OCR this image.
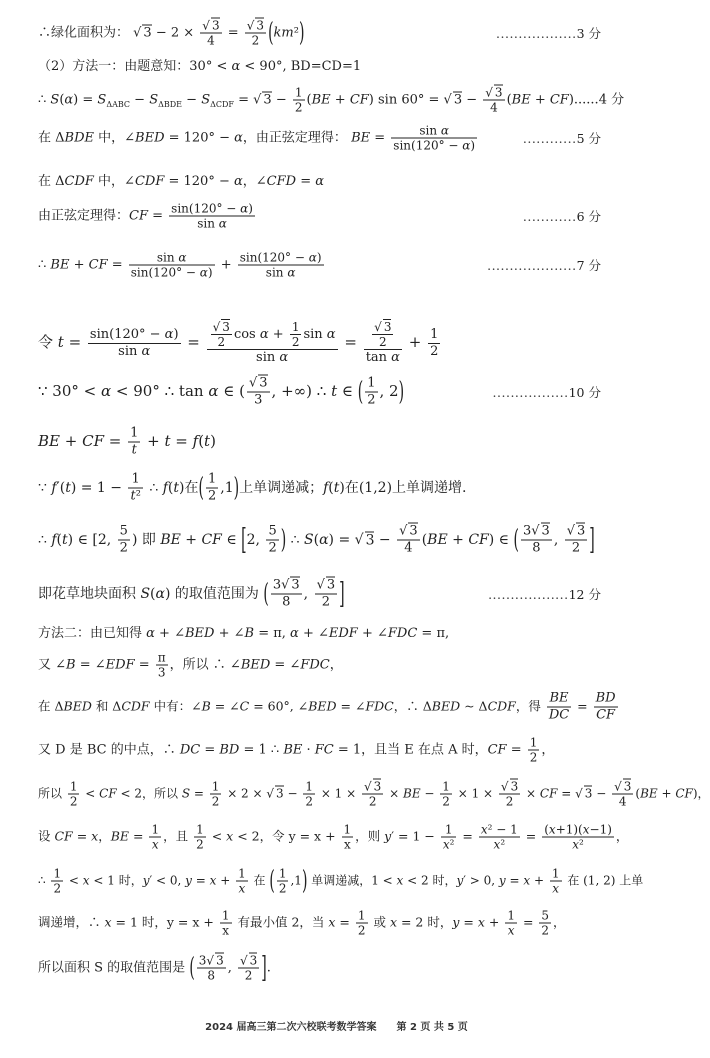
∴绿化面积为： √ $3 - 2 \times \frac{√ 3}{4} = \frac{√ 3}{2} (km^2)$	..................3 分
（2）方法一：由题意知：30° < α < 90°, BD=CD=1
∴ $S(\alpha) = S_{\Delta ABC} - S_{\Delta BDE} - S_{\Delta CDF}$ = √ $3 - \frac{1}{2} (BE + CF)$ sin 60° = √ $3 - \frac{√ 3}{4} (BE + CF)......4$ 分
在 ΔBDE 中，∠BED = 120° − α，由正弦定理得： BE = $\frac{\text{sin α}}{\sin(120^\circ - \alpha)}$	............5 分
在 ΔCDF 中，∠CDF = 120° − α，∠CFD = α
由正弦定理得：CF = $\frac{\sin(120^\circ - \alpha)}{\text{sin α}}$	............6 分
∴ BE + CF = $\frac{\text{sin α}}{\sin(120^\circ - \alpha)} + \frac{\sin(120^\circ - \alpha)}{\text{sin α}}$	....................7 分
令 $t = \frac{\sin(120^\circ - \alpha)}{\text{sin α}} = \frac{\frac{√ 3}{2} \cos \alpha + \frac{1}{2} \sin \alpha}{\text{sin α}} = \frac{\frac{√ 3}{2}}{\text{tan α}} + \frac{1}{2}$
∵ 30° < α < 90° ∴ tan α ∈ ( $\frac{√ 3}{3}$ , +∞) ∴ t ∈ ( $\frac{1}{2}$ , 2)	.................10 分
BE + CF = $\frac{1}{t} + t = f(t)$
∵ $f'(t) = 1 - \frac{1}{\text{t²}}$ ∴ f(t)在( $\frac{1}{2} ,1$)上单调递减；f(t)在(1,2)上单调递增.
∴ f(t) ∈ [2, $\frac{5}{2}$ ) 即 BE + CF ∈ [2, $\frac{5}{2}$ ) ∴ S(α) = √ $3 - \frac{√ 3}{4} (BE + CF)$ ∈ ( $\frac{3√ 3}{8}$ , $\frac{√ 3}{2}$ ]
即花草地块面积 S(α) 的取值范围为 ( $\frac{3√ 3}{8}$ , $\frac{√ 3}{2}$ ]	..................12 分
方法二：由已知得 α + ∠BED + ∠B = π, α + ∠EDF + ∠FDC = π,
又 ∠B = ∠EDF = $\frac{\pi}{3}$ ，所以 ∴ ∠BED = ∠FDC，
在 ΔBED 和 ΔCDF 中有：∠B = ∠C = 60°, ∠BED = ∠FDC，∴ ΔBED ∼ ΔCDF，得 $\frac{BE}{DC} = \frac{BD}{CF}$
又 D 是 BC 的中点，∴ DC = BD = 1 ∴ BE · FC = 1，且当 E 在点 A 时，CF = $\frac{1}{2}$ ，
所以 $\frac{1}{2}$ < CF < 2，所以 $S = \frac{1}{2} \times 2$ × √ $3 - \frac{1}{2} \times 1 \times \frac{√ 3}{2}$ × BE − $\frac{1}{2} \times 1 \times \frac{√ 3}{2}$ × CF = √ $3 - \frac{√ 3}{4} (BE + CF)$，
设 CF = x，BE = $\frac{1}{x}$ ，且 $\frac{1}{2} < x < 2$，令 $y = x + \frac{1}{x}$ ，则 $y' = 1 - \frac{1}{\text{x²}} = \frac{\text{x² − 1}}{\text{x²}} = \frac{(x+1)(x-1)}{\text{x²}}$ ，
∴ $\frac{1}{2} < x < 1$ 时，y′ < 0, $y = x + \frac{1}{x}$ 在 ( $\frac{1}{2} ,1$) 单调递减，1 < x < 2 时，y′ > 0, $y = x + \frac{1}{x}$ 在 (1, 2) 上单
调递增，∴ x = 1 时，$y = x + \frac{1}{x}$ 有最小值 2，当 $x = \frac{1}{2}$ 或 x = 2 时，$y = x + \frac{1}{x} = \frac{5}{2}$ ，
所以面积 S 的取值范围是 ( $\frac{3√ 3}{8}$ , $\frac{√ 3}{2}$ ].
2024 届高三第二次六校联考数学答案　　第 2 页 共 5 页
